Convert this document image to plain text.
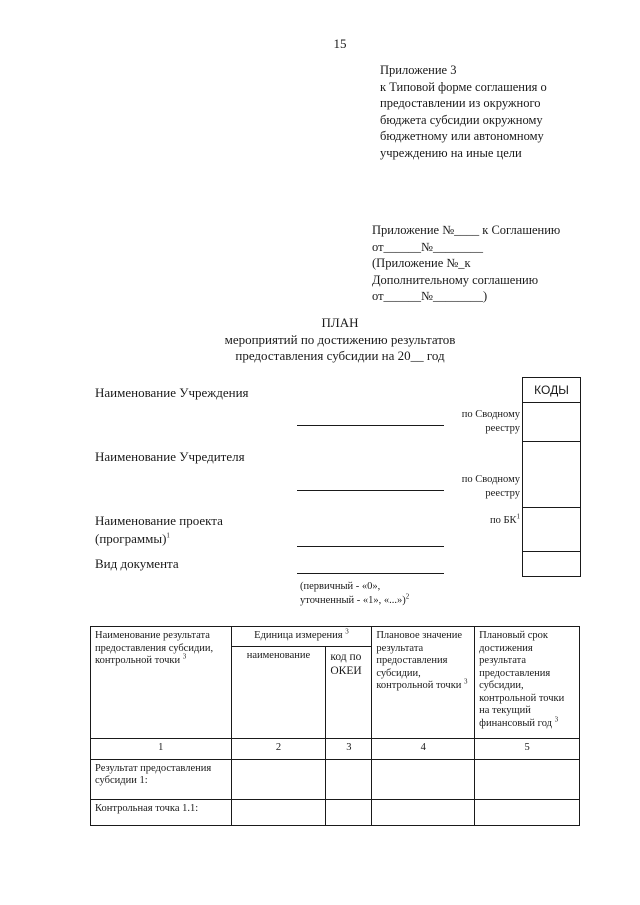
15
Приложение 3
к Типовой форме соглашения о
предоставлении из окружного
бюджета субсидии окружному
бюджетному или автономному
учреждению на иные цели
Приложение №____ к Соглашению
от______№________
(Приложение №_к
Дополнительному соглашению
от______№________)
ПЛАН
мероприятий по достижению результатов
предоставления субсидии на 20__ год
Наименование Учреждения
по Сводному
реестру
Наименование Учредителя
по Сводному
реестру
Наименование проекта
(программы)$^1$
по $БК^1$
Вид документа
(первичный - «0»,
уточненный - «1», «...»)$^2$
КОДЫ
Наименование результата предоставления субсидии, контрольной точки $^3$	Единица измерения $^3$		Плановое значение результата предоставления субсидии, контрольной точки $^3$	Плановый срок достижения результата предоставления субсидии, контрольной точки на текущий финансовый год $^3$
	наименование	код по ОКЕИ		
1	2	3	4	5
Результат предоставления субсидии 1:				
Контрольная точка 1.1:				
